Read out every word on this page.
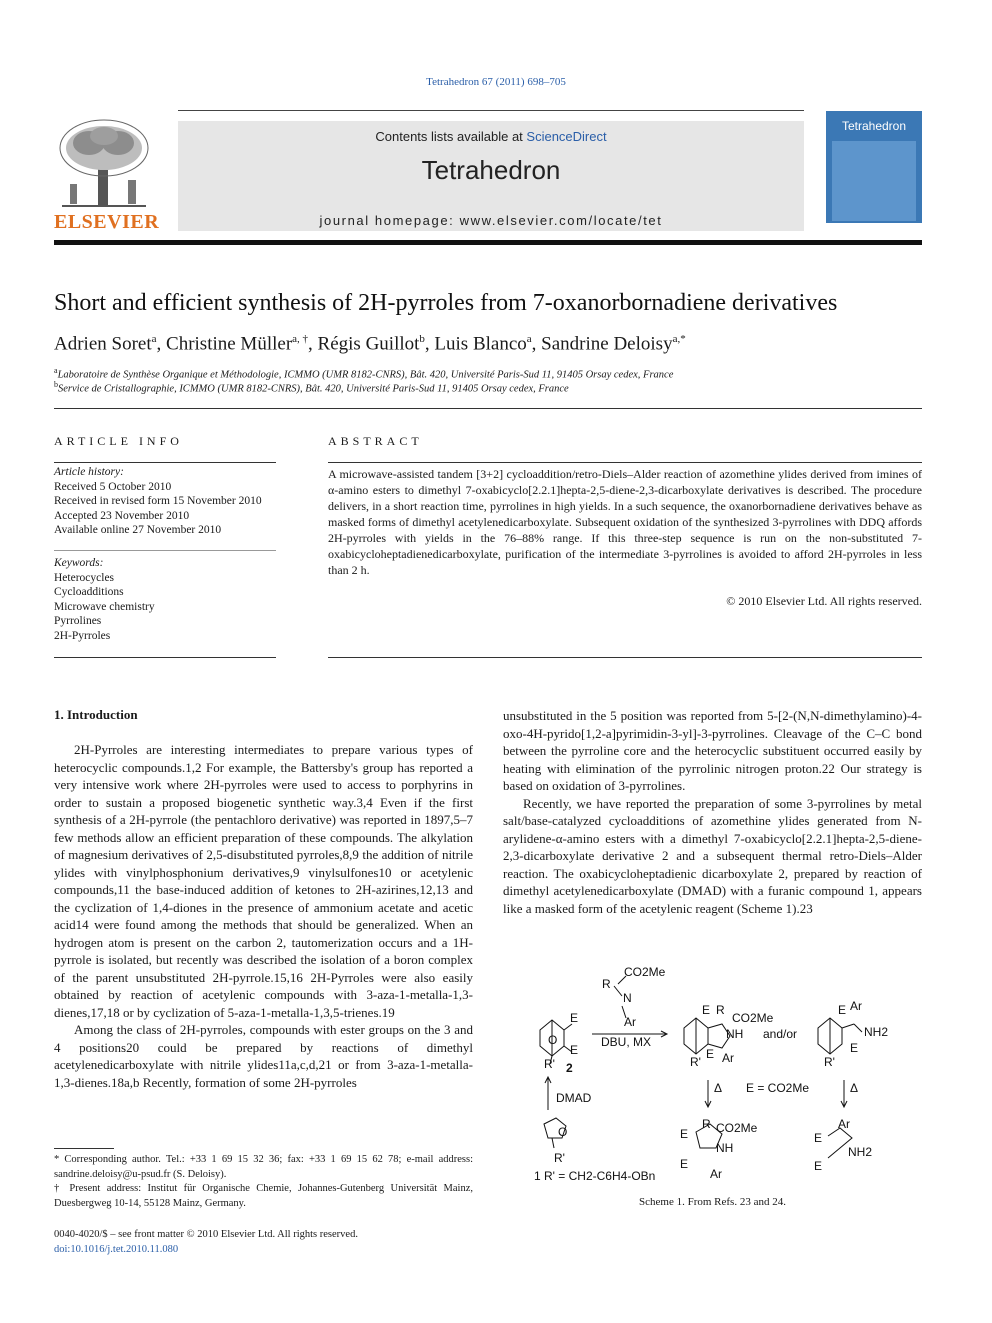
Tetrahedron 67 (2011) 698–705
ELSEVIER
Contents lists available at ScienceDirect
Tetrahedron
journal homepage: www.elsevier.com/locate/tet
Tetrahedron
Short and efficient synthesis of 2H-pyrroles from 7-oxanorbornadiene derivatives
Adrien Soret$^a$, Christine Müller$^{a, \dagger}$, Régis Guillot$^b$, Luis Blanco$^a$, Sandrine Deloisy$^{a,*}$
$^a$Laboratoire de Synthèse Organique et Méthodologie, ICMMO (UMR 8182-CNRS), Bât. 420, Université Paris-Sud 11, 91405 Orsay cedex, France
$^b$Service de Cristallographie, ICMMO (UMR 8182-CNRS), Bât. 420, Université Paris-Sud 11, 91405 Orsay cedex, France
ARTICLE INFO
Article history:
Received 5 October 2010
Received in revised form 15 November 2010
Accepted 23 November 2010
Available online 27 November 2010
Keywords:
Heterocycles
Cycloadditions
Microwave chemistry
Pyrrolines
2H-Pyrroles
ABSTRACT
A microwave-assisted tandem [3+2] cycloaddition/retro-Diels–Alder reaction of azomethine ylides derived from imines of α-amino esters to dimethyl 7-oxabicyclo[2.2.1]hepta-2,5-diene-2,3-dicarboxylate derivatives is described. The procedure delivers, in a short reaction time, pyrrolines in high yields. In a such sequence, the oxanorbornadiene derivatives behave as masked forms of dimethyl acetylenedicarboxylate. Subsequent oxidation of the synthesized 3-pyrrolines with DDQ affords 2H-pyrroles with yields in the 76–88% range. If this three-step sequence is run on the non-substituted 7-oxabicycloheptadienedicarboxylate, purification of the intermediate 3-pyrrolines is avoided to afford 2H-pyrroles in less than 2 h.
© 2010 Elsevier Ltd. All rights reserved.
1. Introduction

2H-Pyrroles are interesting intermediates to prepare various types of heterocyclic compounds.1,2 For example, the Battersby's group has reported a very intensive work where 2H-pyrroles were used to access to porphyrins in order to sustain a proposed biogenetic synthetic way.3,4 Even if the first synthesis of a 2H-pyrrole (the pentachloro derivative) was reported in 1897,5–7 few methods allow an efficient preparation of these compounds. The alkylation of magnesium derivatives of 2,5-disubstituted pyrroles,8,9 the addition of nitrile ylides with vinylphosphonium derivatives,9 vinylsulfones10 or acetylenic compounds,11 the base-induced addition of ketones to 2H-azirines,12,13 and the cyclization of 1,4-diones in the presence of ammonium acetate and acetic acid14 were found among the methods that should be generalized. When an hydrogen atom is present on the carbon 2, tautomerization occurs and a 1H-pyrrole is isolated, but recently was described the isolation of a boron complex of the parent unsubstituted 2H-pyrrole.15,16 2H-Pyrroles were also easily obtained by reaction of acetylenic compounds with 3-aza-1-metalla-1,3-dienes,17,18 or by cyclization of 5-aza-1-metalla-1,3,5-trienes.19

Among the class of 2H-pyrroles, compounds with ester groups on the 3 and 4 positions20 could be prepared by reactions of dimethyl acetylenedicarboxylate with nitrile ylides11a,c,d,21 or from 3-aza-1-metalla-1,3-dienes.18a,b Recently, formation of some 2H-pyrroles

* Corresponding author. Tel.: +33 1 69 15 32 36; fax: +33 1 69 15 62 78; e-mail address: sandrine.deloisy@u-psud.fr (S. Deloisy).
† Present address: Institut für Organische Chemie, Johannes-Gutenberg Universität Mainz, Duesbergweg 10-14, 55128 Mainz, Germany.
0040-4020/$ – see front matter © 2010 Elsevier Ltd. All rights reserved.
doi:10.1016/j.tet.2010.11.080

unsubstituted in the 5 position was reported from 5-[2-(N,N-dimethylamino)-4-oxo-4H-pyrido[1,2-a]pyrimidin-3-yl]-3-pyrrolines. Cleavage of the C–C bond between the pyrroline core and the heterocyclic substituent occurred easily by heating with elimination of the pyrrolinic nitrogen proton.22 Our strategy is based on oxidation of 3-pyrrolines.

Recently, we have reported the preparation of some 3-pyrrolines by metal salt/base-catalyzed cycloadditions of azomethine ylides generated from N-arylidene-α-amino esters with a dimethyl 7-oxabicyclo[2.2.1]hepta-2,5-diene-2,3-dicarboxylate derivative 2 and a subsequent thermal retro-Diels–Alder reaction. The oxabicycloheptadienic dicarboxylate 2, prepared by reaction of dimethyl acetylenedicarboxylate (DMAD) with a furanic compound 1, appears like a masked form of the acetylenic reagent (Scheme 1).23

CO2Me
R
N
Ar
DBU, MX
E
E
O
R' 2
E R
CO2Me
NH
E Ar
R'
and/or
E Ar
NH2
E
R'
Δ E = CO2Me	Δ
DMAD
O
R'
1 R' = CH2-C6H4-OBn
R CO2Me
E
NH
E
Ar
Ar
E
NH2
E
Scheme 1. From Refs. 23 and 24.
